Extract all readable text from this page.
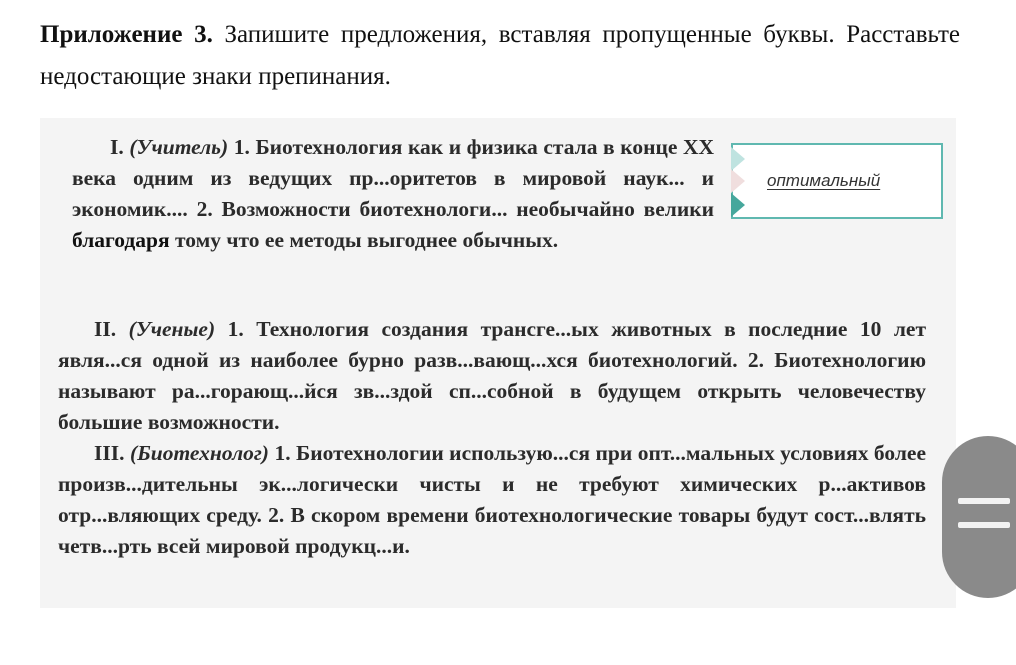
Приложение 3. Запишите предложения, вставляя пропущенные буквы. Расставьте недостающие знаки препинания.

I. (Учитель) 1. Биотехнология как и физика стала в конце XX века одним из ведущих пр...оритетов в мировой наук... и экономик.... 2. Возможности биотехнологи... необычайно велики благодаря тому что ее методы выгоднее обычных.

оптимальный

II. (Ученые) 1. Технология создания трансге...ых животных в последние 10 лет явля...ся одной из наиболее бурно разв...вающ...хся биотехнологий. 2. Биотехнологию называют ра...горающ...йся зв...здой сп...собной в будущем открыть человечеству большие возможности.

III. (Биотехнолог) 1. Биотехнологии использую...ся при опт...мальных условиях более произв...дительны эк...логически чисты и не требуют химических р...активов отр...вляющих среду. 2. В скором времени биотехнологические товары будут сост...влять четв...рть всей мировой продукц...и.
